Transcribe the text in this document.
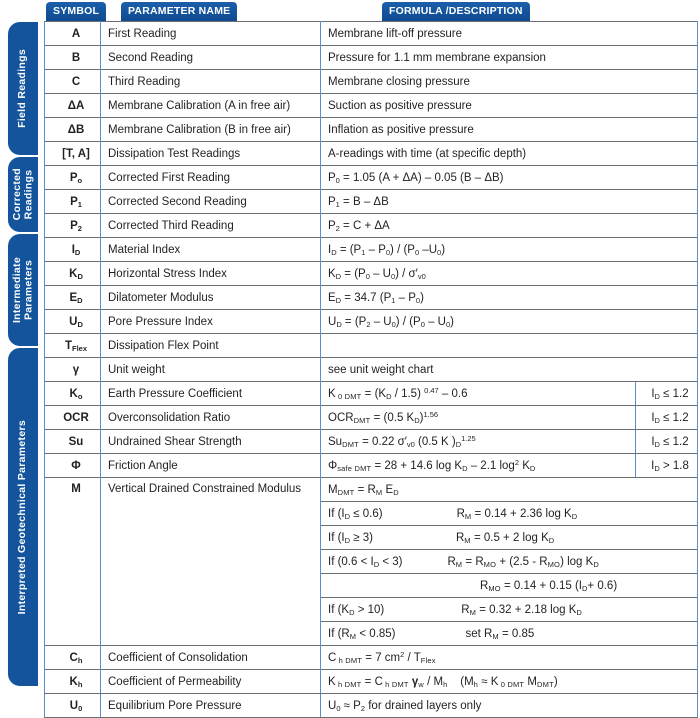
SYMBOL	PARAMETER NAME	FORMULA /DESCRIPTION
Field Readings
Corrected
Readings
Intermediate
Parameters
Interpreted Geotechnical Parameters
A	First Reading	Membrane lift-off pressure	
B	Second Reading	Pressure for 1.1 mm membrane expansion	
C	Third Reading	Membrane closing pressure	
ΔA	Membrane Calibration (A in free air)	Suction as positive pressure	
ΔB	Membrane Calibration (B in free air)	Inflation as positive pressure	
[T, A]	Dissipation Test Readings	A-readings with time (at specific depth)	
$P_o$	Corrected First Reading	$P_0 = 1.05$ (A + ΔA) – 0.05 (B – ΔB)	
$P_1$	Corrected Second Reading	$P_1 = B - \Delta B$	
$P_2$	Corrected Third Reading	$P_2 = C + \Delta A$	
$I_D$	Material Index	$I_D = (P_1 - P_0) / (P_0$ $-U_0$)	
$K_D$	Horizontal Stress Index	$K_D = (P_0 - U_0) / \sigma'_{v0}$
$E_D$	Dilatometer Modulus	$E_D = 34.7$ $(P_1 - P_0)$	
$U_D$	Pore Pressure Index	$U_D = (P_2 - U_0) / (P_0 - U_0)$	
$T_{Flex}$	Dissipation Flex Point		
γ	Unit weight	see unit weight chart	
$K_o$	Earth Pressure Coefficient	K $_{0 DMT} = (K_D / 1.5)$ $^{0.47}$ – 0.6	$I_D \le 1.2$
OCR	Overconsolidation Ratio	$OCR_{DMT} = (0.5$ $K_D)^{1.56}$	$I_D \le 1.2$
Su	Undrained Shear Strength	$Su_{DMT} = 0.22$ $\sigma'_{v0}$ (0.5 K )$_D^{1.25}$	$I_D \le 1.2$
Φ	Friction Angle	$\Phi_{safe DMT} = 28 + 14.6$ $\log K_D - 2.1$ $\log^2 K_D$	$I_D > 1.8$
M	Vertical Drained Constrained Modulus	$M_{DMT} = R_M$ $E_D$
		If $(I_D \le 0.6) R_M = 0.14 + 2.36$ $\log K_D$
		If $(I_D \ge 3) R_M = 0.5 + 2$ $\log K_D$
		If $(0.6 < I_D < 3)$ $R_M = R_{MO} + (2.5 - R_{MO})$ $\log K_D$
		$R_{MO} = 0.14 + 0.15$ $(I_D+ 0.6)$	
		If $(K_D > 10) R_M = 0.32 + 2.18$ $\log K_D$
		If $(R_M < 0.85)$ set $R_M = 0.85$	
$C_h$	Coefficient of Consolidation	C $_{h DMT}$ = 7 $cm^2 / T_{Flex}$
$K_h$	Coefficient of Permeability	K $_{h DMT}$ = C $_{h DMT}$ $\gamma_w / M_h$    ($M_h \approx K$ $_{0 DMT}$ $M_{DMT}$)	
$U_0$	Equilibrium Pore Pressure	$U_0 \approx P_2$ for drained layers only	
